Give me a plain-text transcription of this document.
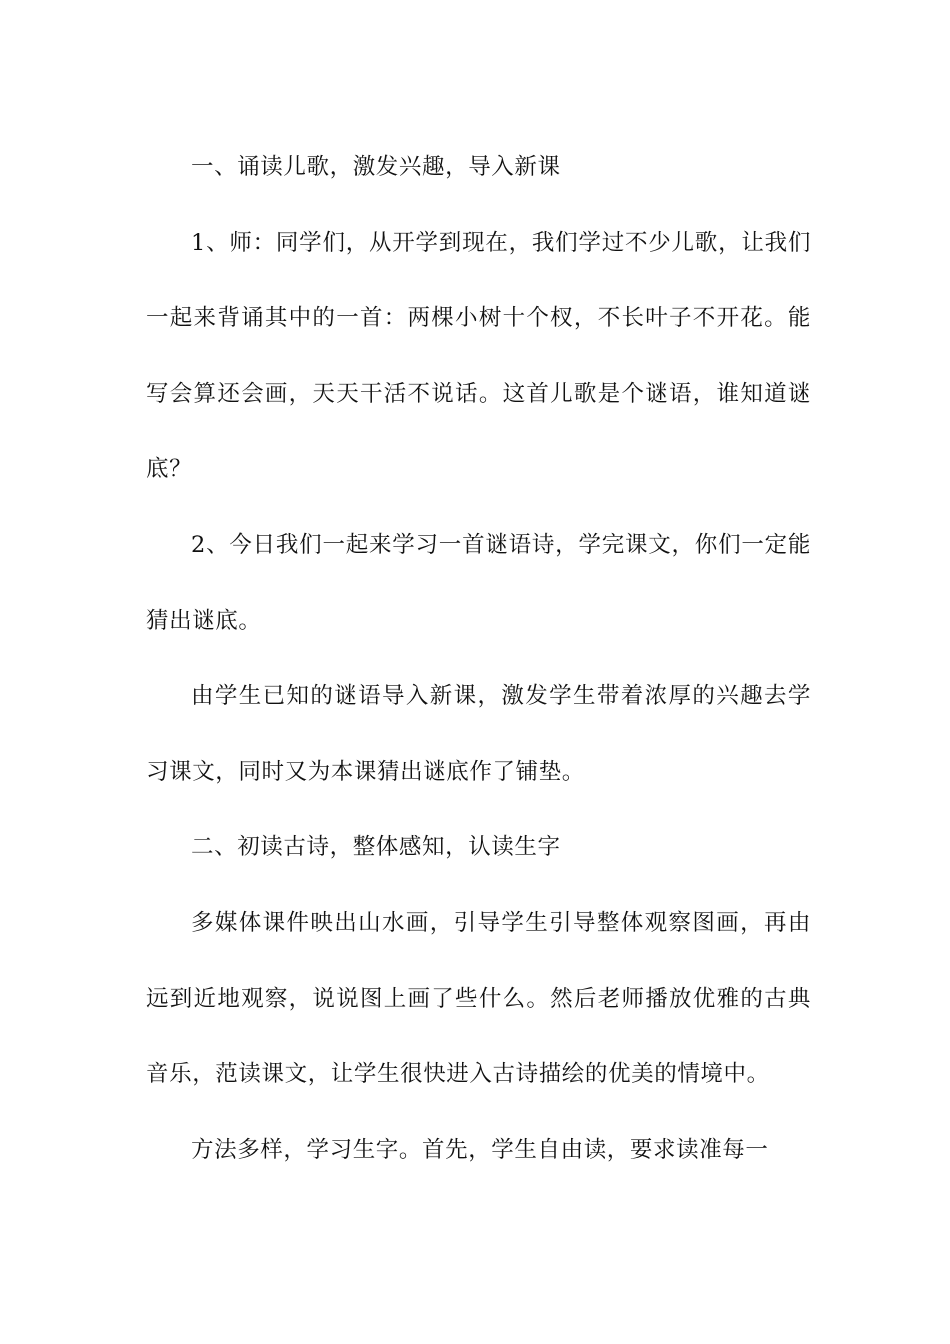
一、诵读儿歌，激发兴趣，导入新课

1、师：同学们，从开学到现在，我们学过不少儿歌，让我们一起来背诵其中的一首：两棵小树十个杈，不长叶子不开花。能写会算还会画，天天干活不说话。这首儿歌是个谜语，谁知道谜底？

2、今日我们一起来学习一首谜语诗，学完课文，你们一定能猜出谜底。

由学生已知的谜语导入新课，激发学生带着浓厚的兴趣去学习课文，同时又为本课猜出谜底作了铺垫。

二、初读古诗，整体感知，认读生字

多媒体课件映出山水画，引导学生引导整体观察图画，再由远到近地观察，说说图上画了些什么。然后老师播放优雅的古典音乐，范读课文，让学生很快进入古诗描绘的优美的情境中。

方法多样，学习生字。首先，学生自由读，要求读准每一
